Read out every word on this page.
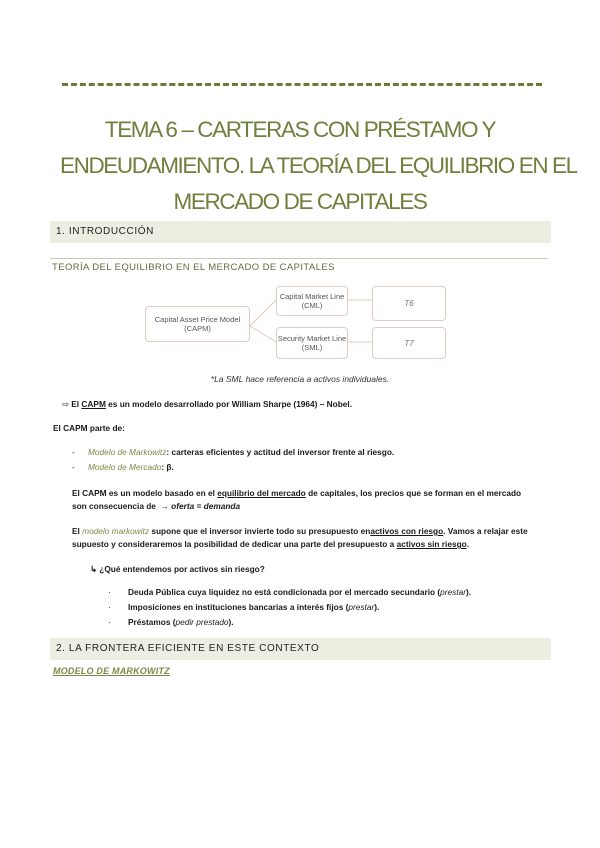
TEMA 6 – CARTERAS CON PRÉSTAMO Y
ENDEUDAMIENTO. LA TEORÍA DEL EQUILIBRIO EN EL
MERCADO DE CAPITALES
1. INTRODUCCIÓN
TEORÍA DEL EQUILIBRIO EN EL MERCADO DE CAPITALES
Capital Asset Price Model (CAPM)
Capital Market Line (CML)	T6
Security Market Line (SML)	T7
*La SML hace referencia a activos individuales.
⇨ El CAPM es un modelo desarrollado por William Sharpe (1964) – Nobel.
El CAPM parte de:
- Modelo de Markowitz: carteras eficientes y actitud del inversor frente al riesgo.
- Modelo de Mercado: β.
El CAPM es un modelo basado en el equilibrio del mercado de capitales, los precios que se forman en el mercado
son consecuencia de → oferta = demanda
El modelo markowitz supone que el inversor invierte todo su presupuesto enactivos con riesgo. Vamos a relajar este
supuesto y consideraremos la posibilidad de dedicar una parte del presupuesto a activos sin riesgo.
↳ ¿Qué entendemos por activos sin riesgo?
· Deuda Pública cuya liquidez no está condicionada por el mercado secundario (prestar).
· Imposiciones en instituciones bancarias a interés fijos (prestar).
· Préstamos (pedir prestado).
2. LA FRONTERA EFICIENTE EN ESTE CONTEXTO
MODELO DE MARKOWITZ
